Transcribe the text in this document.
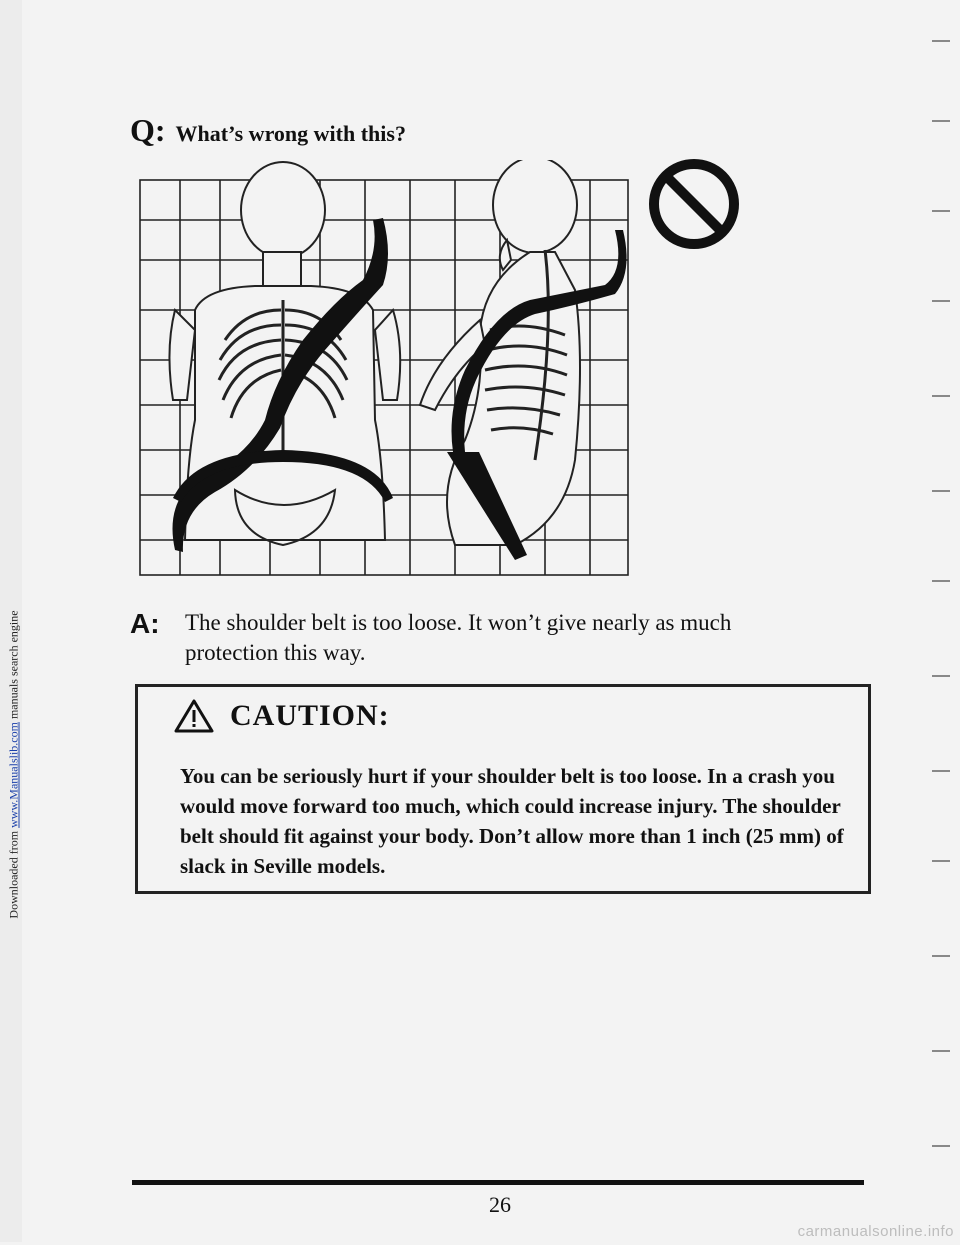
Downloaded from www.Manualslib.com manuals search engine
Q: What’s wrong with this?
A:	The shoulder belt is too loose. It won’t give nearly as much protection this way.
CAUTION:
You can be seriously hurt if your shoulder belt is too loose. In a crash you would move forward too much, which could increase injury. The shoulder belt should fit against your body. Don’t allow more than 1 inch (25 mm) of slack in Seville models.
26
carmanualsonline.info
